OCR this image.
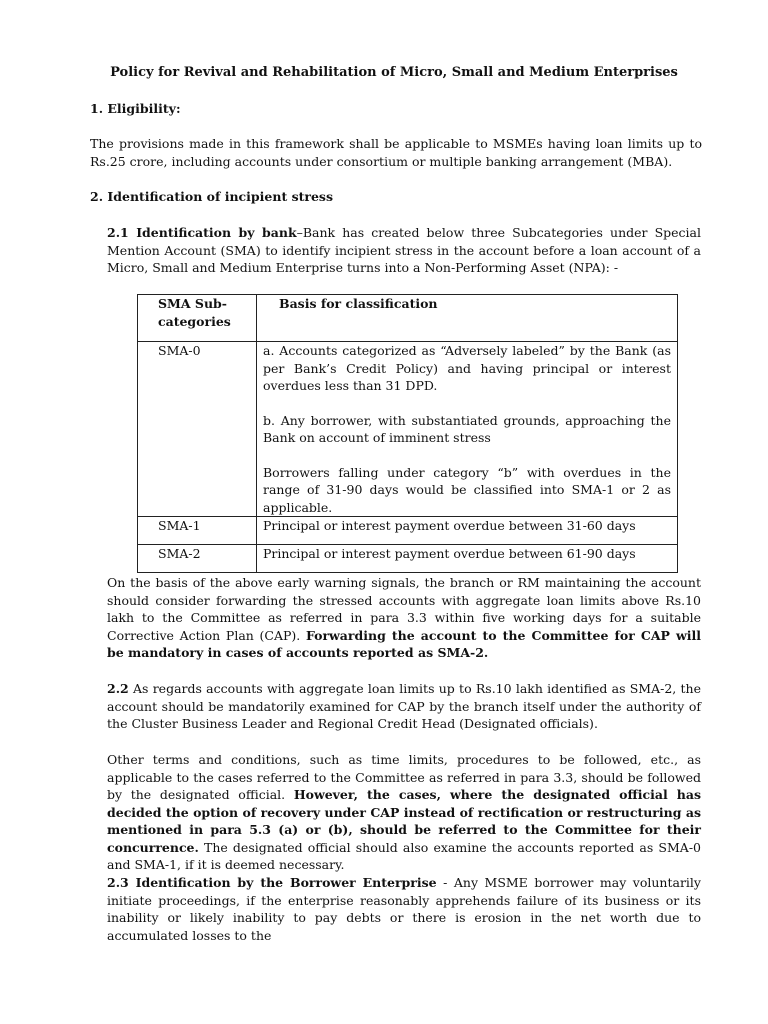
Policy for Revival and Rehabilitation of Micro, Small and Medium Enterprises
1. Eligibility:
The provisions made in this framework shall be applicable to MSMEs having loan limits up to Rs.25 crore, including accounts under consortium or multiple banking arrangement (MBA).
2. Identification of incipient stress
2.1 Identification by bank–Bank has created below three Subcategories under Special Mention Account (SMA) to identify incipient stress in the account before a loan account of a Micro, Small and Medium Enterprise turns into a Non-Performing Asset (NPA): -
SMA Sub-categories	Basis for classification
SMA-0	a. Accounts categorized as “Adversely labeled” by the Bank (as per Bank’s Credit Policy) and having principal or interest overdues less than 31 DPD.

b. Any borrower, with substantiated grounds, approaching the Bank on account of imminent stress

Borrowers falling under category “b” with overdues in the range of 31-90 days would be classified into SMA-1 or 2 as applicable.

SMA-1	Principal or interest payment overdue between 31-60 days
SMA-2	Principal or interest payment overdue between 61-90 days
On the basis of the above early warning signals, the branch or RM maintaining the account should consider forwarding the stressed accounts with aggregate loan limits above Rs.10 lakh to the Committee as referred in para 3.3 within five working days for a suitable Corrective Action Plan (CAP). Forwarding the account to the Committee for CAP will be mandatory in cases of accounts reported as SMA-2.
2.2 As regards accounts with aggregate loan limits up to Rs.10 lakh identified as SMA-2, the account should be mandatorily examined for CAP by the branch itself under the authority of the Cluster Business Leader and Regional Credit Head (Designated officials).
Other terms and conditions, such as time limits, procedures to be followed, etc., as applicable to the cases referred to the Committee as referred in para 3.3, should be followed by the designated official. However, the cases, where the designated official has decided the option of recovery under CAP instead of rectification or restructuring as mentioned in para 5.3 (a) or (b), should be referred to the Committee for their concurrence. The designated official should also examine the accounts reported as SMA-0 and SMA-1, if it is deemed necessary.
2.3 Identification by the Borrower Enterprise - Any MSME borrower may voluntarily initiate proceedings, if the enterprise reasonably apprehends failure of its business or its inability or likely inability to pay debts or there is erosion in the net worth due to accumulated losses to the
